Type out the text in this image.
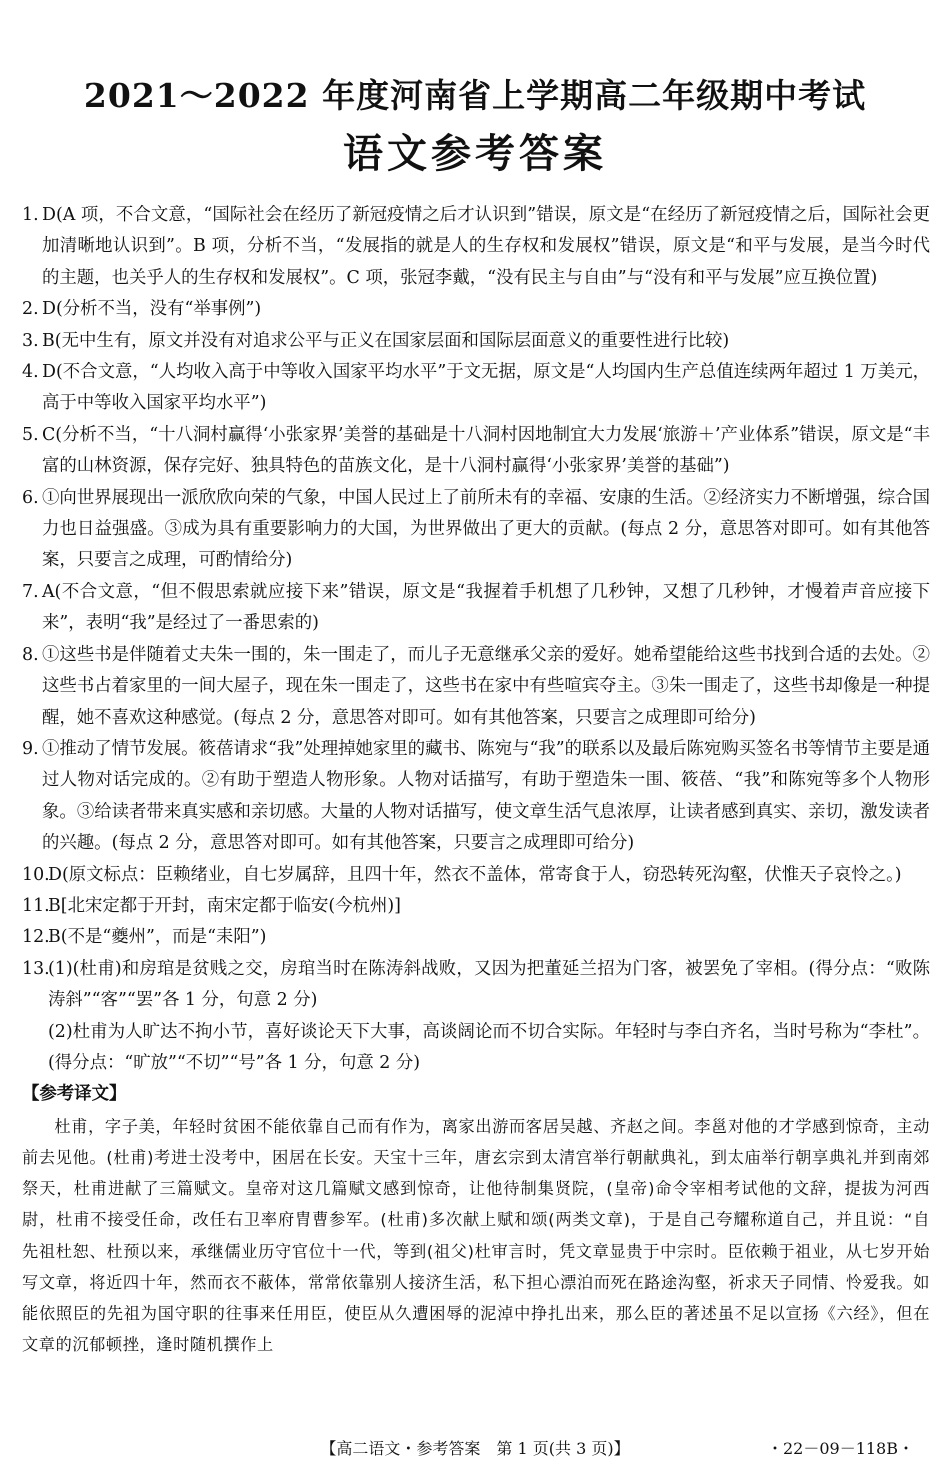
2021～2022 年度河南省上学期高二年级期中考试
语文参考答案

1. D(A 项，不合文意，“国际社会在经历了新冠疫情之后才认识到”错误，原文是“在经历了新冠疫情之后，国际社会更加清晰地认识到”。B 项，分析不当，“发展指的就是人的生存权和发展权”错误，原文是“和平与发展，是当今时代的主题，也关乎人的生存权和发展权”。C 项，张冠李戴，“没有民主与自由”与“没有和平与发展”应互换位置)

2. D(分析不当，没有“举事例”)

3. B(无中生有，原文并没有对追求公平与正义在国家层面和国际层面意义的重要性进行比较)

4. D(不合文意，“人均收入高于中等收入国家平均水平”于文无据，原文是“人均国内生产总值连续两年超过 1 万美元，高于中等收入国家平均水平”)

5. C(分析不当，“十八洞村赢得‘小张家界’美誉的基础是十八洞村因地制宜大力发展‘旅游＋’产业体系”错误，原文是“丰富的山林资源，保存完好、独具特色的苗族文化，是十八洞村赢得‘小张家界’美誉的基础”)

6. ①向世界展现出一派欣欣向荣的气象，中国人民过上了前所未有的幸福、安康的生活。②经济实力不断增强，综合国力也日益强盛。③成为具有重要影响力的大国，为世界做出了更大的贡献。(每点 2 分，意思答对即可。如有其他答案，只要言之成理，可酌情给分)

7. A(不合文意，“但不假思索就应接下来”错误，原文是“我握着手机想了几秒钟，又想了几秒钟，才慢着声音应接下来”，表明“我”是经过了一番思索的)

8. ①这些书是伴随着丈夫朱一围的，朱一围走了，而儿子无意继承父亲的爱好。她希望能给这些书找到合适的去处。②这些书占着家里的一间大屋子，现在朱一围走了，这些书在家中有些喧宾夺主。③朱一围走了，这些书却像是一种提醒，她不喜欢这种感觉。(每点 2 分，意思答对即可。如有其他答案，只要言之成理即可给分)

9. ①推动了情节发展。筱蓓请求“我”处理掉她家里的藏书、陈宛与“我”的联系以及最后陈宛购买签名书等情节主要是通过人物对话完成的。②有助于塑造人物形象。人物对话描写，有助于塑造朱一围、筱蓓、“我”和陈宛等多个人物形象。③给读者带来真实感和亲切感。大量的人物对话描写，使文章生活气息浓厚，让读者感到真实、亲切，激发读者的兴趣。(每点 2 分，意思答对即可。如有其他答案，只要言之成理即可给分)

10.
D(原文标点：臣赖绪业，自七岁属辞，且四十年，然衣不盖体，常寄食于人，窃恐转死沟壑，伏惟天子哀怜之。)

11.
B[北宋定都于开封，南宋定都于临安(今杭州)]

12.
B(不是“夔州”，而是“耒阳”)

13.
(1)(杜甫)和房琯是贫贱之交，房琯当时在陈涛斜战败，又因为把董延兰招为门客，被罢免了宰相。(得分点：“败陈涛斜”“客”“罢”各 1 分，句意 2 分)

(2)杜甫为人旷达不拘小节，喜好谈论天下大事，高谈阔论而不切合实际。年轻时与李白齐名，当时号称为“李杜”。(得分点：“旷放”“不切”“号”各 1 分，句意 2 分)

【参考译文】

杜甫，字子美，年轻时贫困不能依靠自己而有作为，离家出游而客居吴越、齐赵之间。李邕对他的才学感到惊奇，主动前去见他。(杜甫)考进士没考中，困居在长安。天宝十三年，唐玄宗到太清宫举行朝献典礼，到太庙举行朝享典礼并到南郊祭天，杜甫进献了三篇赋文。皇帝对这几篇赋文感到惊奇，让他待制集贤院，(皇帝)命令宰相考试他的文辞，提拔为河西尉，杜甫不接受任命，改任右卫率府胄曹参军。(杜甫)多次献上赋和颂(两类文章)，于是自己夸耀称道自己，并且说：“自先祖杜恕、杜预以来，承继儒业历守官位十一代，等到(祖父)杜审言时，凭文章显贵于中宗时。臣依赖于祖业，从七岁开始写文章，将近四十年，然而衣不蔽体，常常依靠别人接济生活，私下担心漂泊而死在路途沟壑，祈求天子同情、怜爱我。如能依照臣的先祖为国守职的往事来任用臣，使臣从久遭困辱的泥淖中挣扎出来，那么臣的著述虽不足以宣扬《六经》，但在文章的沉郁顿挫，逢时随机撰作上

【高二语文・参考答案　第 1 页(共 3 页)】	・22－09－118B・
